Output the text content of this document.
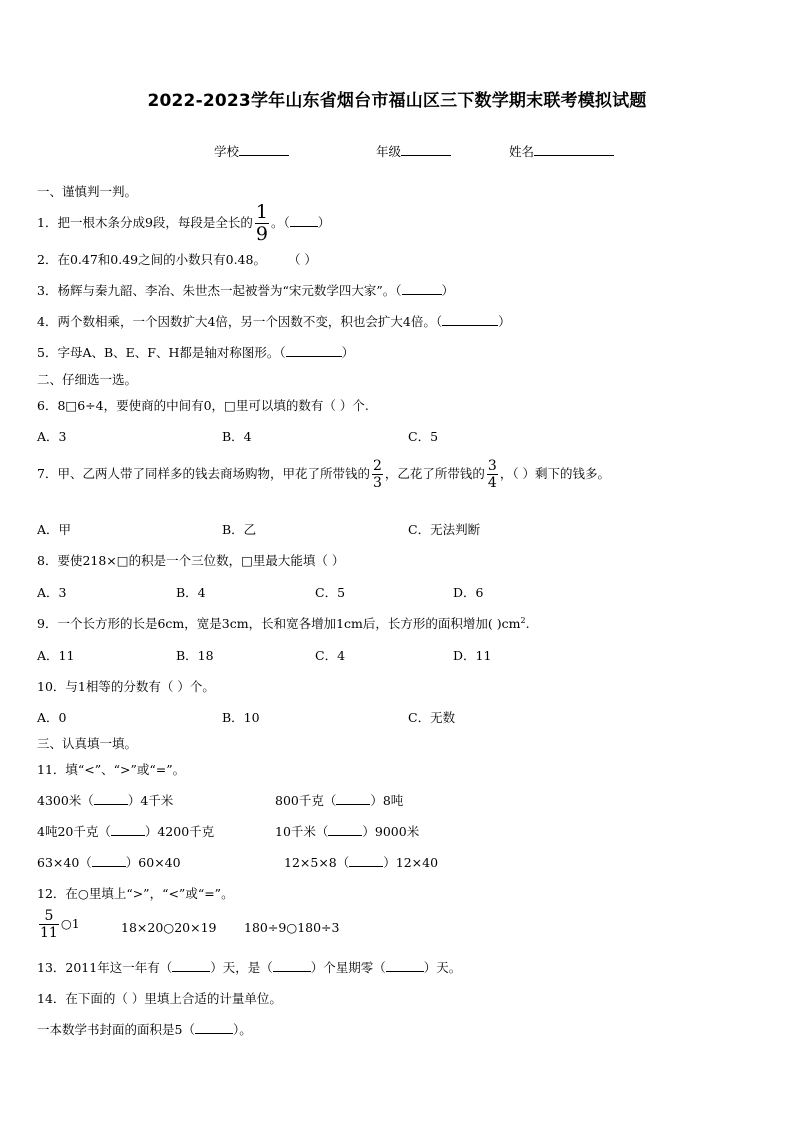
2022-2023学年山东省烟台市福山区三下数学期末联考模拟试题
学校	年级	姓名
一、谨慎判一判。
1．把一根木条分成9段，每段是全长的 $\frac{1}{9}$ 。（ ）
2．在0.47和0.49之间的小数只有0.48。 （ ）
3．杨辉与秦九韶、李冶、朱世杰一起被誉为“宋元数学四大家”。（	）
4．两个数相乘，一个因数扩大4倍，另一个因数不变，积也会扩大4倍。（	）
5．字母A、B、E、F、H都是轴对称图形。（	）
二、仔细选一选。
6．8□6÷4，要使商的中间有0，□里可以填的数有（ ）个.
A．3	B．4	C．5
7．甲、乙两人带了同样多的钱去商场购物，甲花了所带钱的 $\frac{2}{3}$ ，乙花了所带钱的 $\frac{3}{4}$ ，（ ）剩下的钱多。
A．甲	B．乙	C．无法判断
8．要使218×□的积是一个三位数，□里最大能填（ ）
A．3	B．4	C．5	D．6
9．一个长方形的长是6cm，宽是3cm，长和宽各增加1cm后，长方形的面积增加( )$cm^2$.
A．11	B．18	C．4	D．11
10．与1相等的分数有（ ）个。
A．0	B．10	C．无数
三、认真填一填。
11．填“<”、“>”或“=”。
4300米（	）4千米	800千克（	）8吨
4吨20千克（	）4200千克	10千米（	）9000米
63×40（	）60×40	12×5×8（	）12×40
12．在○里填上“>”，“<”或“=”。
$\frac{5}{11}$ ○1	18×20○20×19 180÷9○180÷3
13．2011年这一年有（	）天，是（	）个星期零（	）天。
14．在下面的（ ）里填上合适的计量单位。
一本数学书封面的面积是5（	）。
